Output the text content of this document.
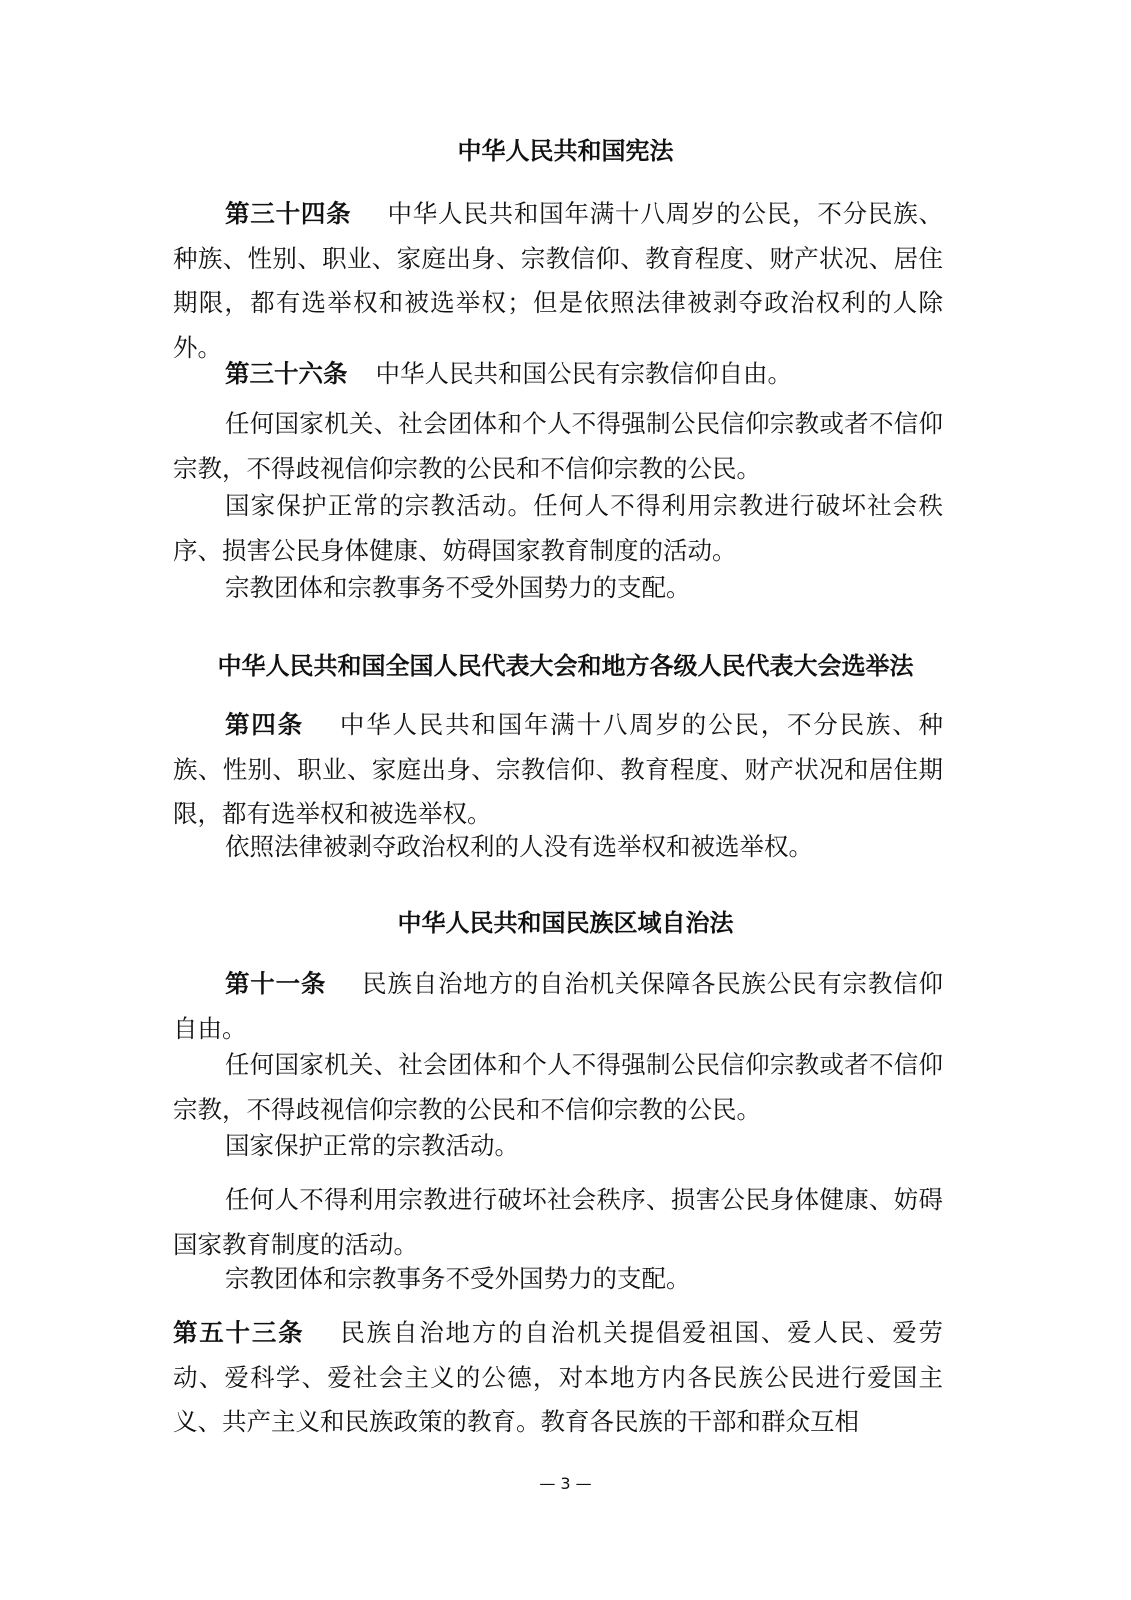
中华人民共和国宪法

第三十四条 中华人民共和国年满十八周岁的公民，不分民族、种族、性别、职业、家庭出身、宗教信仰、教育程度、财产状况、居住期限，都有选举权和被选举权；但是依照法律被剥夺政治权利的人除外。

第三十六条 中华人民共和国公民有宗教信仰自由。

任何国家机关、社会团体和个人不得强制公民信仰宗教或者不信仰宗教，不得歧视信仰宗教的公民和不信仰宗教的公民。

国家保护正常的宗教活动。任何人不得利用宗教进行破坏社会秩序、损害公民身体健康、妨碍国家教育制度的活动。

宗教团体和宗教事务不受外国势力的支配。

中华人民共和国全国人民代表大会和地方各级人民代表大会选举法

第四条 中华人民共和国年满十八周岁的公民，不分民族、种族、性别、职业、家庭出身、宗教信仰、教育程度、财产状况和居住期限，都有选举权和被选举权。

依照法律被剥夺政治权利的人没有选举权和被选举权。

中华人民共和国民族区域自治法

第十一条 民族自治地方的自治机关保障各民族公民有宗教信仰自由。

任何国家机关、社会团体和个人不得强制公民信仰宗教或者不信仰宗教，不得歧视信仰宗教的公民和不信仰宗教的公民。

国家保护正常的宗教活动。

任何人不得利用宗教进行破坏社会秩序、损害公民身体健康、妨碍国家教育制度的活动。

宗教团体和宗教事务不受外国势力的支配。

第五十三条 民族自治地方的自治机关提倡爱祖国、爱人民、爱劳动、爱科学、爱社会主义的公德，对本地方内各民族公民进行爱国主义、共产主义和民族政策的教育。教育各民族的干部和群众互相

— 3 —
